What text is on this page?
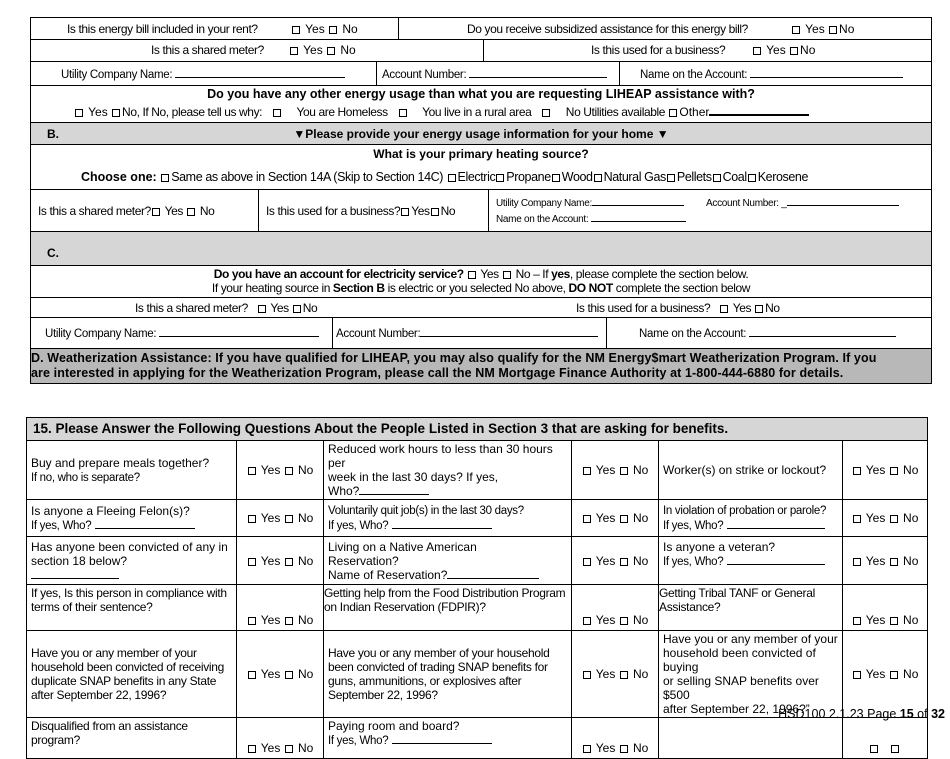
Is this energy bill included in your rent?	Yes No	Do you receive subsidized assistance for this energy bill?	Yes No
Is this a shared meter?	Yes No	Is this used for a business?	Yes No
Utility Company Name:	Account Number:	Name on the Account:
Do you have any other energy usage than what you are requesting LIHEAP assistance with?
Yes No, If No, please tell us why:	You are Homeless	You live in a rural area	No Utilities available Other
B.	▼Please provide your energy usage information for your home ▼
What is your primary heating source?
Choose one: Same as above in Section 14A (Skip to Section 14C) Electric Propane Wood Natural Gas Pellets Coal Kerosene
Is this a shared meter? Yes No	Is this used for a business? Yes No
Utility Company Name:
Name on the Account:
Account Number: _
C.
Do you have an account for electricity service? Yes No – If yes, please complete the section below.
If your heating source in Section B is electric or you selected No above, DO NOT complete the section below
Is this a shared meter? Yes No	Is this used for a business? Yes No
Utility Company Name:	Account Number:	Name on the Account:
D. Weatherization Assistance: If you have qualified for LIHEAP, you may also qualify for the NM Energy$mart Weatherization Program. If you
are interested in applying for the Weatherization Program, please call the NM Mortgage Finance Authority at 1-800-444-6880 for details.
15. Please Answer the Following Questions About the People Listed in Section 3 that are asking for benefits.					
Buy and prepare meals together?
If no, who is separate?	Yes No	Reduced work hours to less than 30 hours per
week in the last 30 days? If yes,
Who?	Yes No	Worker(s) on strike or lockout?	Yes No
Is anyone a Fleeing Felon(s)?
If yes, Who?	Yes No	Voluntarily quit job(s) in the last 30 days?
If yes, Who?	Yes No	In violation of probation or parole?
If yes, Who?	Yes No
Has anyone been convicted of any in
section 18 below?	Yes No	Living on a Native American
Reservation?
Name of Reservation?	Yes No	Is anyone a veteran?
If yes, Who?	Yes No
If yes, Is this person in compliance with
terms of their sentence?	Yes No	Getting help from the Food Distribution Program
on Indian Reservation (FDPIR)?	Yes No	Getting Tribal TANF or General
Assistance?	Yes No
Have you or any member of your
household been convicted of receiving
duplicate SNAP benefits in any State
after September 22, 1996?	Yes No	Have you or any member of your household
been convicted of trading SNAP benefits for
guns, ammunitions, or explosives after
September 22, 1996?	Yes No	Have you or any member of your
household been convicted of buying
or selling SNAP benefits over $500
after September 22, 1996?”	Yes No
Disqualified from an assistance
program?	Yes No	Paying room and board?
If yes, Who?	Yes No		
HSD100 2.1.23 Page 15 of 32
